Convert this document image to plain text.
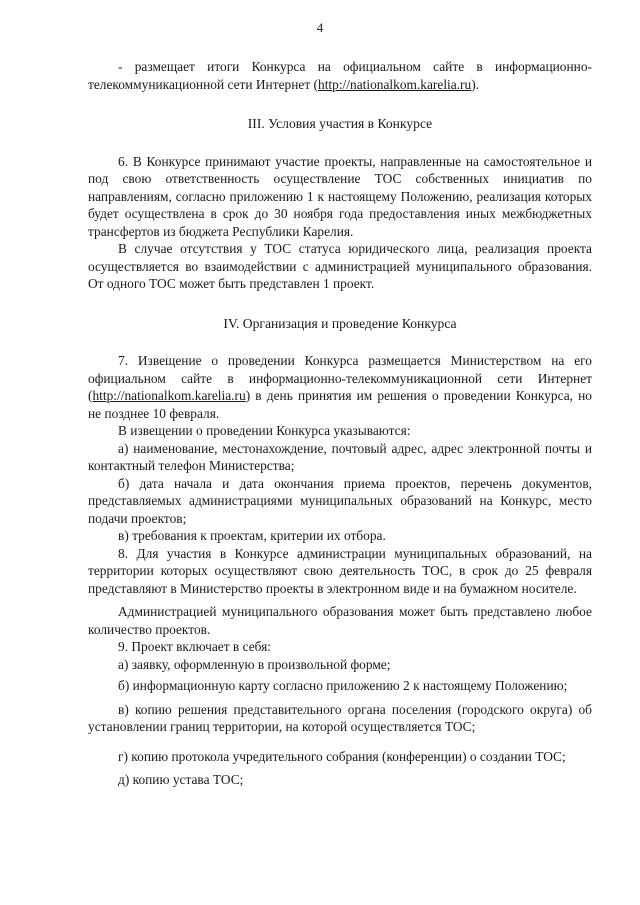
4

- размещает итоги Конкурса на официальном сайте в информационно-телекоммуникационной сети Интернет (http://nationalkom.karelia.ru).

III. Условия участия в Конкурсе

6. В Конкурсе принимают участие проекты, направленные на самостоятельное и под свою ответственность осуществление ТОС собственных инициатив по направлениям, согласно приложению 1 к настоящему Положению, реализация которых будет осуществлена в срок до 30 ноября года предоставления иных межбюджетных трансфертов из бюджета Республики Карелия.

В случае отсутствия у ТОС статуса юридического лица, реализация проекта осуществляется во взаимодействии с администрацией муниципального образования. От одного ТОС может быть представлен 1 проект.

IV. Организация и проведение Конкурса

7. Извещение о проведении Конкурса размещается Министерством на его официальном сайте в информационно-телекоммуникационной сети Интернет (http://nationalkom.karelia.ru) в день принятия им решения о проведении Конкурса, но не позднее 10 февраля.

В извещении о проведении Конкурса указываются:

а) наименование, местонахождение, почтовый адрес, адрес электронной почты и контактный телефон Министерства;

б) дата начала и дата окончания приема проектов, перечень документов, представляемых администрациями муниципальных образований на Конкурс, место подачи проектов;

в) требования к проектам, критерии их отбора.

8. Для участия в Конкурсе администрации муниципальных образований, на территории которых осуществляют свою деятельность ТОС, в срок до 25 февраля представляют в Министерство проекты в электронном виде и на бумажном носителе.

Администрацией муниципального образования может быть представлено любое количество проектов.

9. Проект включает в себя:

а) заявку, оформленную в произвольной форме;

б) информационную карту согласно приложению 2 к настоящему Положению;

в) копию решения представительного органа поселения (городского округа) об установлении границ территории, на которой осуществляется ТОС;

г) копию протокола учредительного собрания (конференции) о создании ТОС;

д) копию устава ТОС;
